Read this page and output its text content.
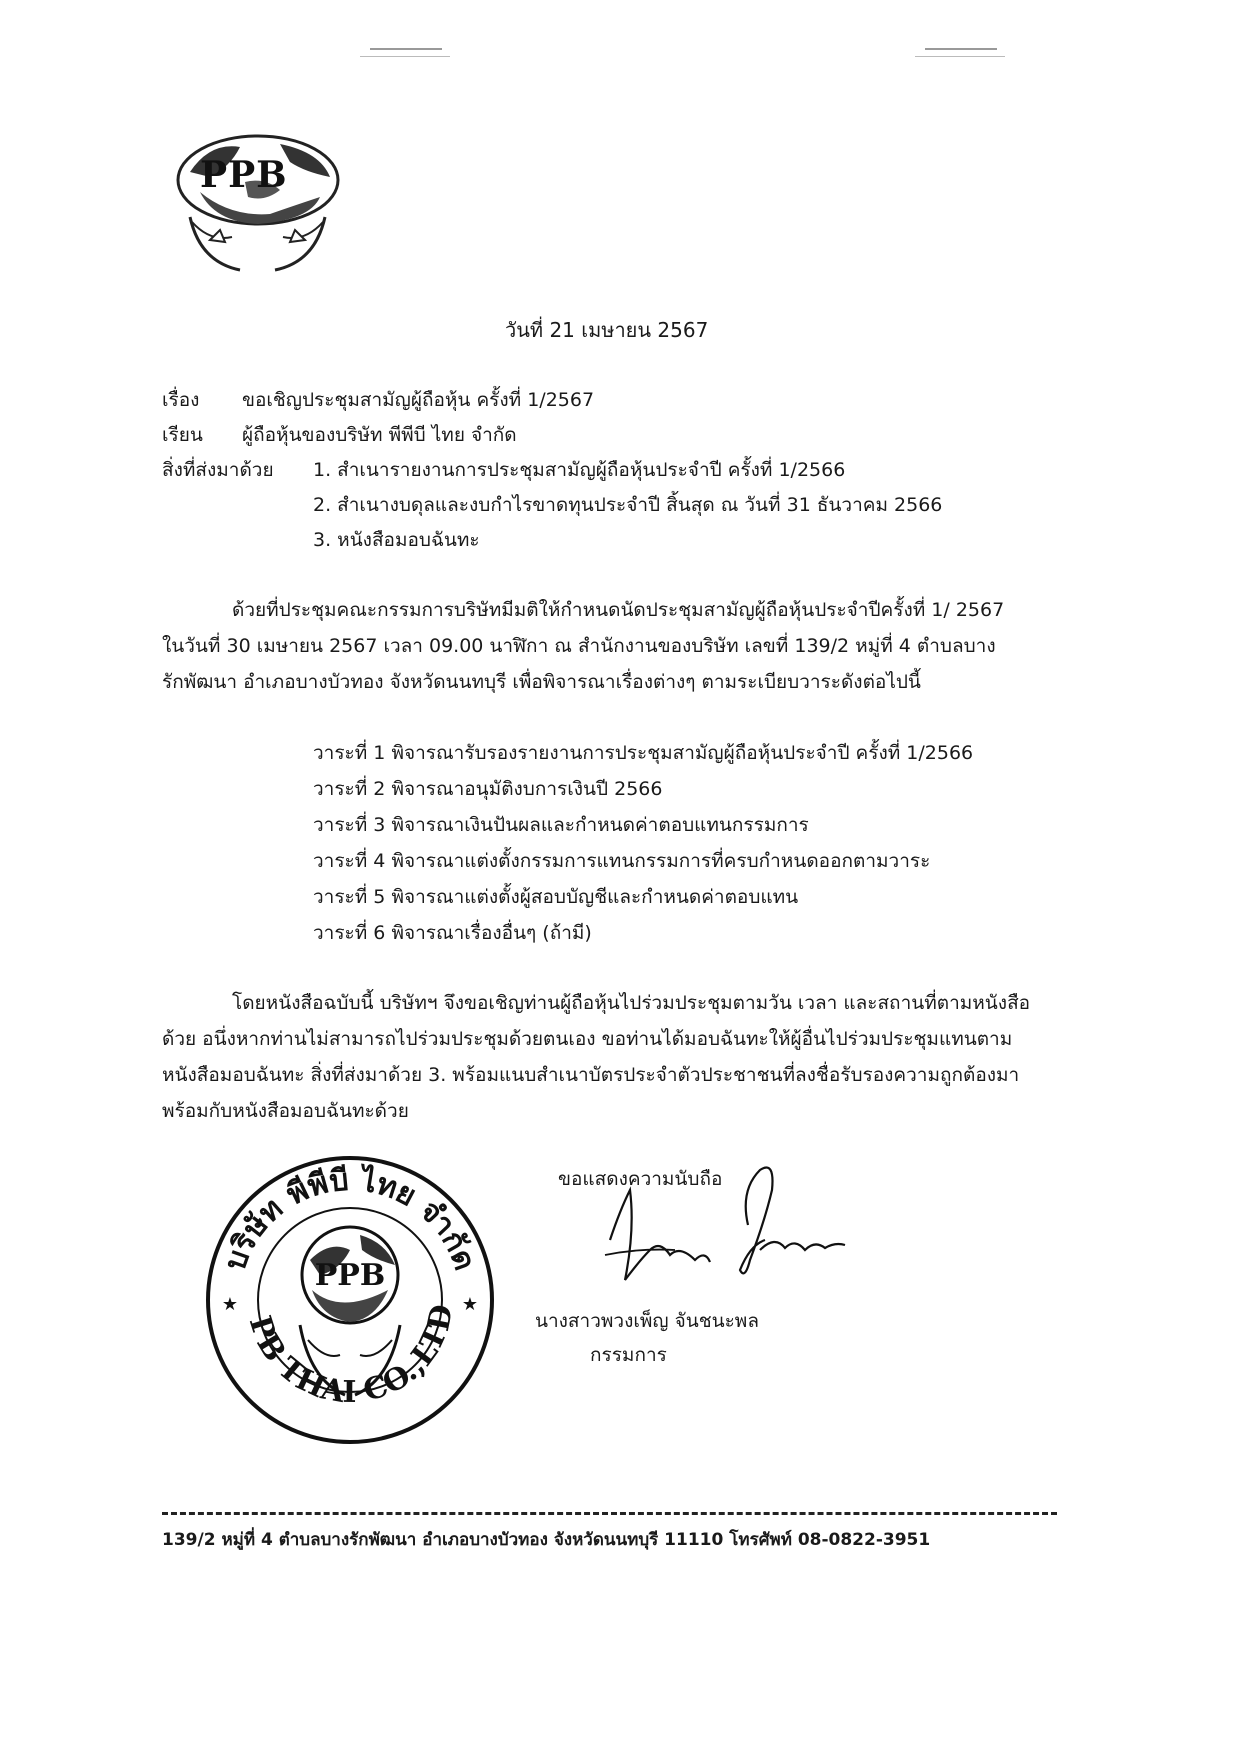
PPB
วันที่ 21 เมษายน 2567
เรื่อง ขอเชิญประชุมสามัญผู้ถือหุ้น ครั้งที่ 1/2567
เรียน ผู้ถือหุ้นของบริษัท พีพีบี ไทย จำกัด
สิ่งที่ส่งมาด้วย 1. สำเนารายงานการประชุมสามัญผู้ถือหุ้นประจำปี ครั้งที่ 1/2566
2. สำเนางบดุลและงบกำไรขาดทุนประจำปี สิ้นสุด ณ วันที่ 31 ธันวาคม 2566
3. หนังสือมอบฉันทะ
ด้วยที่ประชุมคณะกรรมการบริษัทมีมติให้กำหนดนัดประชุมสามัญผู้ถือหุ้นประจำปีครั้งที่ 1/ 2567
ในวันที่ 30 เมษายน 2567 เวลา 09.00 นาฬิกา ณ สำนักงานของบริษัท เลขที่ 139/2 หมู่ที่ 4 ตำบลบาง
รักพัฒนา อำเภอบางบัวทอง จังหวัดนนทบุรี เพื่อพิจารณาเรื่องต่างๆ ตามระเบียบวาระดังต่อไปนี้
วาระที่ 1 พิจารณารับรองรายงานการประชุมสามัญผู้ถือหุ้นประจำปี ครั้งที่ 1/2566
วาระที่ 2 พิจารณาอนุมัติงบการเงินปี 2566
วาระที่ 3 พิจารณาเงินปันผลและกำหนดค่าตอบแทนกรรมการ
วาระที่ 4 พิจารณาแต่งตั้งกรรมการแทนกรรมการที่ครบกำหนดออกตามวาระ
วาระที่ 5 พิจารณาแต่งตั้งผู้สอบบัญชีและกำหนดค่าตอบแทน
วาระที่ 6 พิจารณาเรื่องอื่นๆ (ถ้ามี)
โดยหนังสือฉบับนี้ บริษัทฯ จึงขอเชิญท่านผู้ถือหุ้นไปร่วมประชุมตามวัน เวลา และสถานที่ตามหนังสือ
ด้วย อนึ่งหากท่านไม่สามารถไปร่วมประชุมด้วยตนเอง ขอท่านได้มอบฉันทะให้ผู้อื่นไปร่วมประชุมแทนตาม
หนังสือมอบฉันทะ สิ่งที่ส่งมาด้วย 3. พร้อมแนบสำเนาบัตรประจำตัวประชาชนที่ลงชื่อรับรองความถูกต้องมา
พร้อมกับหนังสือมอบฉันทะด้วย
บริษัท พีพีบี ไทย จำกัด
PB THAI CO.,LTD
★	★
PPB
ขอแสดงความนับถือ
นางสาวพวงเพ็ญ จันชนะพล
กรรมการ
139/2 หมู่ที่ 4 ตำบลบางรักพัฒนา อำเภอบางบัวทอง จังหวัดนนทบุรี 11110 โทรศัพท์ 08-0822-3951
